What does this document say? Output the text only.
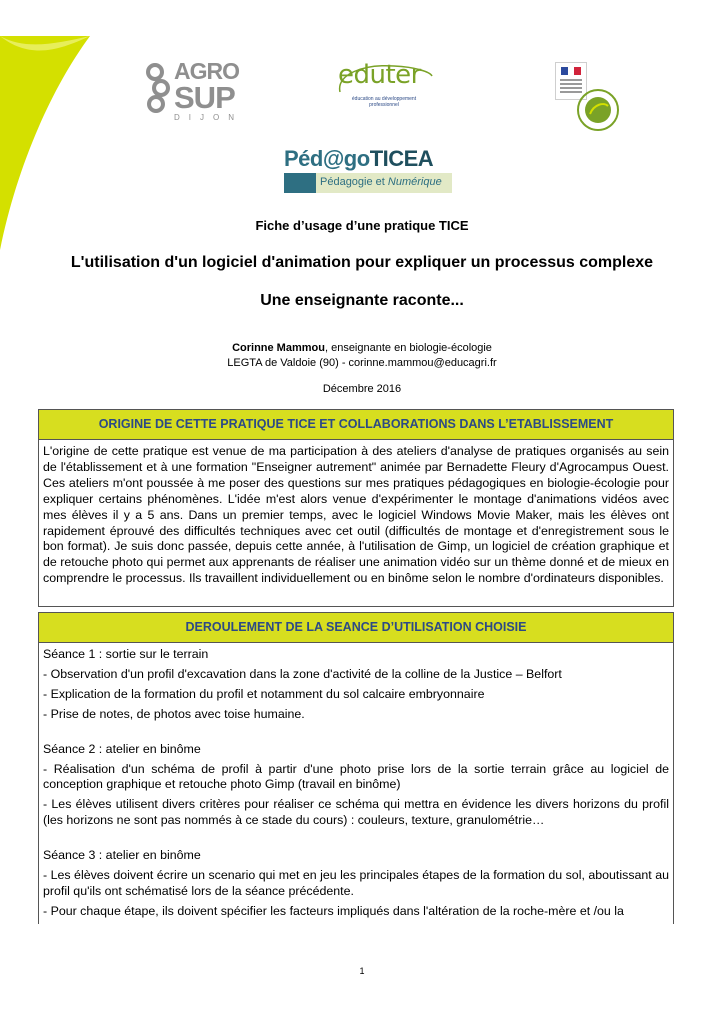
AGRO
SUP
DIJON
eduter
éducation au développement professionnel
Péd@goTICEA
Pédagogie et Numérique
Fiche d’usage d’une pratique TICE
L'utilisation d'un logiciel d'animation pour expliquer un processus complexe
Une enseignante raconte...
Corinne Mammou, enseignante en biologie-écologie
LEGTA de Valdoie (90) - corinne.mammou@educagri.fr
Décembre 2016
ORIGINE DE CETTE PRATIQUE TICE ET COLLABORATIONS DANS L’ETABLISSEMENT
L'origine de cette pratique est venue de ma participation à des ateliers d'analyse de pratiques organisés au sein de l'établissement et à une formation "Enseigner autrement" animée par Bernadette Fleury d'Agrocampus Ouest. Ces ateliers m'ont poussée à me poser des questions sur mes pratiques pédagogiques en biologie-écologie pour expliquer certains phénomènes. L'idée m'est alors venue d'expérimenter le montage d'animations vidéos avec mes élèves il y a 5 ans. Dans un premier temps, avec le logiciel Windows Movie Maker, mais les élèves ont rapidement éprouvé des difficultés techniques avec cet outil (difficultés de montage et d'enregistrement sous le bon format). Je suis donc passée, depuis cette année, à l'utilisation de Gimp, un logiciel de création graphique et de retouche photo qui permet aux apprenants de réaliser une animation vidéo sur un thème donné et de mieux en comprendre le processus. Ils travaillent individuellement ou en binôme selon le nombre d'ordinateurs disponibles.
DEROULEMENT DE LA SEANCE D’UTILISATION CHOISIE

Séance 1 : sortie sur le terrain

- Observation d'un profil d'excavation dans la zone d'activité de la colline de la Justice – Belfort

- Explication de la formation du profil et notamment du sol calcaire embryonnaire

- Prise de notes, de photos avec toise humaine.

Séance 2 : atelier en binôme

- Réalisation d'un schéma de profil à partir d'une photo prise lors de la sortie terrain grâce au logiciel de conception graphique et retouche photo Gimp (travail en binôme)

- Les élèves utilisent divers critères pour réaliser ce schéma qui mettra en évidence les divers horizons du profil (les horizons ne sont pas nommés à ce stade du cours) : couleurs, texture, granulométrie…

Séance 3 : atelier en binôme

- Les élèves doivent écrire un scenario qui met en jeu les principales étapes de la formation du sol, aboutissant au profil qu'ils ont schématisé lors de la séance précédente.

- Pour chaque étape, ils doivent spécifier les facteurs impliqués dans l'altération de la roche-mère et /ou la

1
